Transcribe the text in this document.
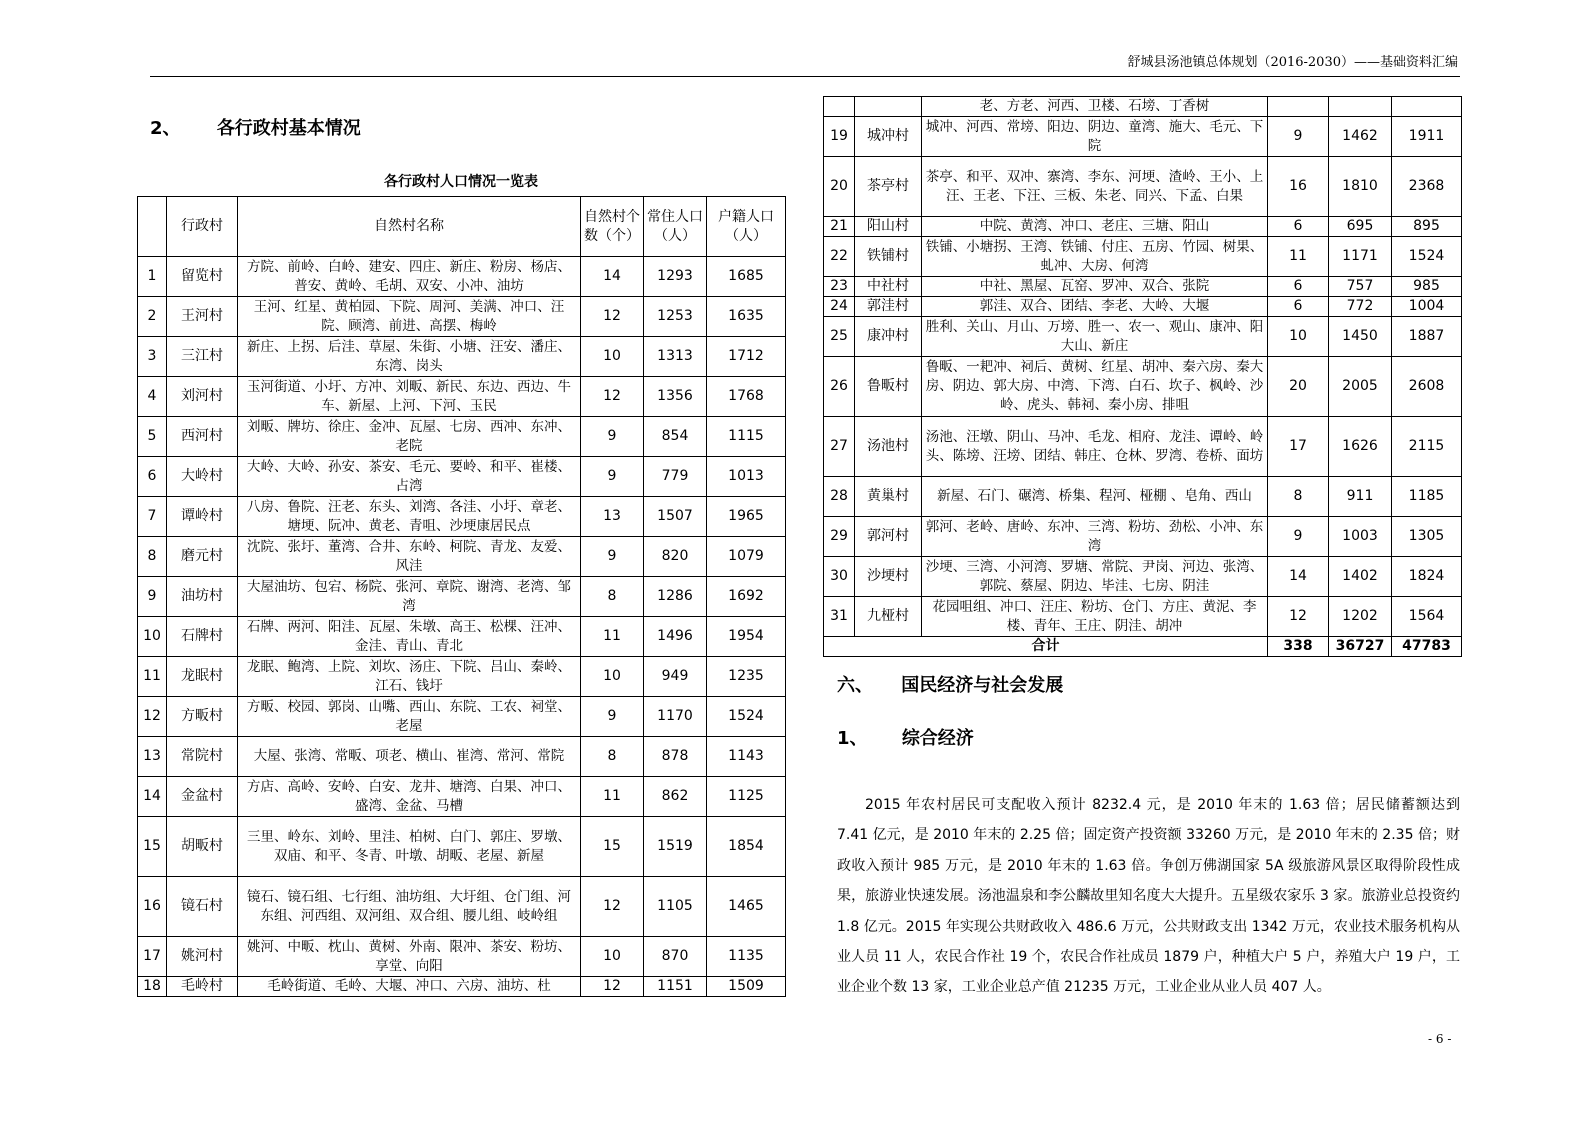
舒城县汤池镇总体规划（2016-2030）——基础资料汇编
2、 各行政村基本情况
各行政村人口情况一览表
	行政村	自然村名称	自然村个数（个）	常住人口（人）	户籍人口（人）
1	留览村	方院、前岭、白岭、建安、四庄、新庄、粉房、杨店、普安、黄岭、毛胡、双安、小冲、油坊	14	1293	1685
2	王河村	王河、红星、黄柏园、下院、周河、美满、冲口、汪院、顾湾、前进、高摆、梅岭	12	1253	1635
3	三江村	新庄、上拐、后洼、草屋、朱街、小塘、汪安、潘庄、东湾、岗头	10	1313	1712
4	刘河村	玉河街道、小圩、方冲、刘畈、新民、东边、西边、牛车、新屋、上河、下河、玉民	12	1356	1768
5	西河村	刘畈、牌坊、徐庄、金冲、瓦屋、七房、西冲、东冲、老院	9	854	1115
6	大岭村	大岭、大岭、孙安、茶安、毛元、要岭、和平、崔楼、占湾	9	779	1013
7	谭岭村	八房、鲁院、汪老、东头、刘湾、各洼、小圩、章老、塘埂、阮冲、黄老、青咀、沙埂康居民点	13	1507	1965
8	磨元村	沈院、张圩、董湾、合井、东岭、柯院、青龙、友爱、风洼	9	820	1079
9	油坊村	大屋油坊、包宕、杨院、张河、章院、谢湾、老湾、邹湾	8	1286	1692
10	石牌村	石牌、两河、阳洼、瓦屋、朱墩、高王、松棵、汪冲、金洼、青山、青北	11	1496	1954
11	龙眠村	龙眠、鲍湾、上院、刘坎、汤庄、下院、吕山、秦岭、江石、钱圩	10	949	1235
12	方畈村	方畈、校园、郭岗、山嘴、西山、东院、工农、祠堂、老屋	9	1170	1524
13	常院村	大屋、张湾、常畈、项老、横山、崔湾、常河、常院	8	878	1143
14	金盆村	方店、高岭、安岭、白安、龙井、塘湾、白果、冲口、盛湾、金盆、马槽	11	862	1125
15	胡畈村	三里、岭东、刘岭、里洼、柏树、白门、郭庄、罗墩、双庙、和平、冬青、叶墩、胡畈、老屋、新屋	15	1519	1854
16	镜石村	镜石、镜石组、七行组、油坊组、大圩组、仓门组、河东组、河西组、双河组、双合组、腰儿组、岐岭组	12	1105	1465
17	姚河村	姚河、中畈、枕山、黄树、外南、限冲、茶安、粉坊、享堂、向阳	10	870	1135
18	毛岭村	毛岭街道、毛岭、大堰、冲口、六房、油坊、杜	12	1151	1509
		老、方老、河西、卫楼、石塝、丁香树			
19	城冲村	城冲、河西、常塝、阳边、阴边、童湾、施大、毛元、下院	9	1462	1911
20	茶亭村	茶亭、和平、双冲、寨湾、李东、河埂、渣岭、王小、上汪、王老、下汪、三板、朱老、同兴、下孟、白果	16	1810	2368
21	阳山村	中院、黄湾、冲口、老庄、三塘、阳山	6	695	895
22	铁铺村	铁铺、小塘拐、王湾、铁铺、付庄、五房、竹园、树果、虬冲、大房、何湾	11	1171	1524
23	中社村	中社、黑屋、瓦窑、罗冲、双合、张院	6	757	985
24	郭洼村	郭洼、双合、团结、李老、大岭、大堰	6	772	1004
25	康冲村	胜利、关山、月山、万塝、胜一、农一、观山、康冲、阳大山、新庄	10	1450	1887
26	鲁畈村	鲁畈、一耙冲、祠后、黄树、红星、胡冲、秦六房、秦大房、阴边、郭大房、中湾、下湾、白石、坎子、枫岭、沙岭、虎头、韩祠、秦小房、排咀	20	2005	2608
27	汤池村	汤池、汪墩、阴山、马冲、毛龙、相府、龙洼、谭岭、岭头、陈塝、汪塝、团结、韩庄、仓林、罗湾、卷桥、面坊	17	1626	2115
28	黄巢村	新屋、石门、碾湾、桥集、程河、桠棚 、皂角、西山	8	911	1185
29	郭河村	郭河、老岭、唐岭、东冲、三湾、粉坊、劲松、小冲、东湾	9	1003	1305
30	沙埂村	沙埂、三湾、小河湾、罗塘、常院、尹岗、河边、张湾、郭院、蔡屋、阴边、毕洼、七房、阴洼	14	1402	1824
31	九桠村	花园咀组、冲口、汪庄、粉坊、仓门、方庄、黄泥、李楼、青年、王庄、阴洼、胡冲	12	1202	1564
合计			338	36727	47783
六、 国民经济与社会发展
1、 综合经济

2015 年农村居民可支配收入预计 8232.4 元，是 2010 年末的 1.63 倍；居民储蓄额达到 7.41 亿元，是 2010 年末的 2.25 倍；固定资产投资额 33260 万元，是 2010 年末的 2.35 倍；财政收入预计 985 万元，是 2010 年末的 1.63 倍。争创万佛湖国家 5A 级旅游风景区取得阶段性成果，旅游业快速发展。汤池温泉和李公麟故里知名度大大提升。五星级农家乐 3 家。旅游业总投资约 1.8 亿元。2015 年实现公共财政收入 486.6 万元，公共财政支出 1342 万元，农业技术服务机构从业人员 11 人，农民合作社 19 个，农民合作社成员 1879 户，种植大户 5 户，养殖大户 19 户，工业企业个数 13 家，工业企业总产值 21235 万元，工业企业从业人员 407 人。

- 6 -
